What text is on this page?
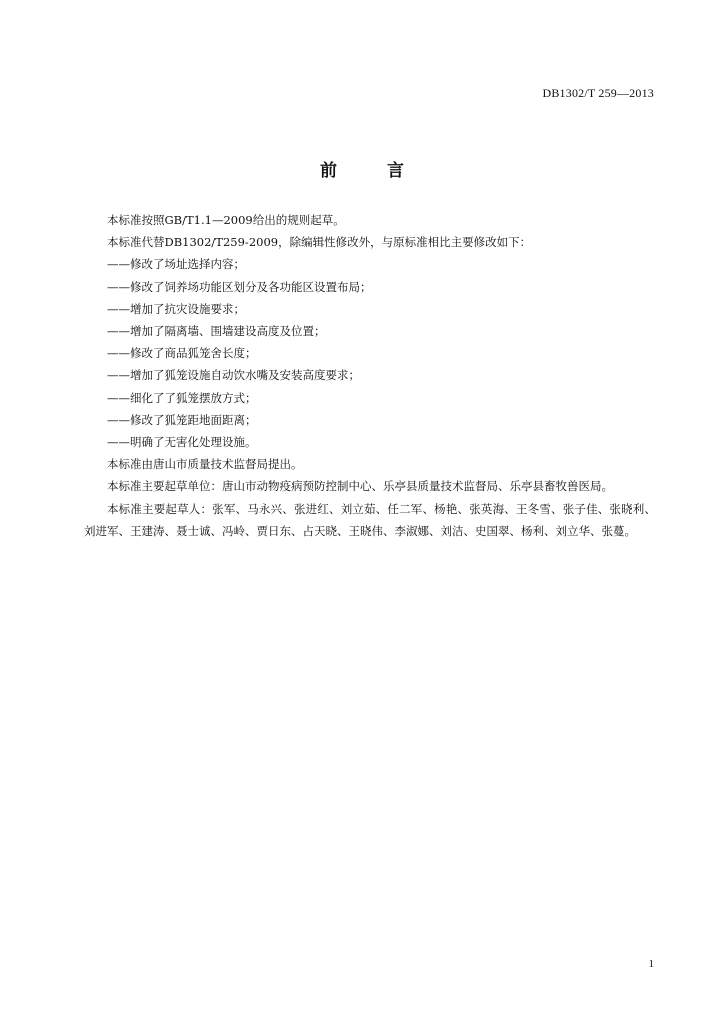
DB1302/T 259—2013
前 言

本标准按照GB/T1.1—2009给出的规则起草。

本标准代替DB1302/T259-2009，除编辑性修改外，与原标准相比主要修改如下：

——修改了场址选择内容；

——修改了饲养场功能区划分及各功能区设置布局；

——增加了抗灾设施要求；

——增加了隔离墙、围墙建设高度及位置；

——修改了商品狐笼舍长度；

——增加了狐笼设施自动饮水嘴及安装高度要求；

——细化了了狐笼摆放方式；

——修改了狐笼距地面距离；

——明确了无害化处理设施。

本标准由唐山市质量技术监督局提出。

本标准主要起草单位：唐山市动物疫病预防控制中心、乐亭县质量技术监督局、乐亭县畜牧兽医局。

本标准主要起草人：张军、马永兴、张进红、刘立茹、任二军、杨艳、张英海、王冬雪、张子佳、张晓利、刘进军、王建涛、聂士诚、冯岭、贾日东、占天晓、王晓伟、李淑娜、刘洁、史国翠、杨利、刘立华、张蔓。

1
